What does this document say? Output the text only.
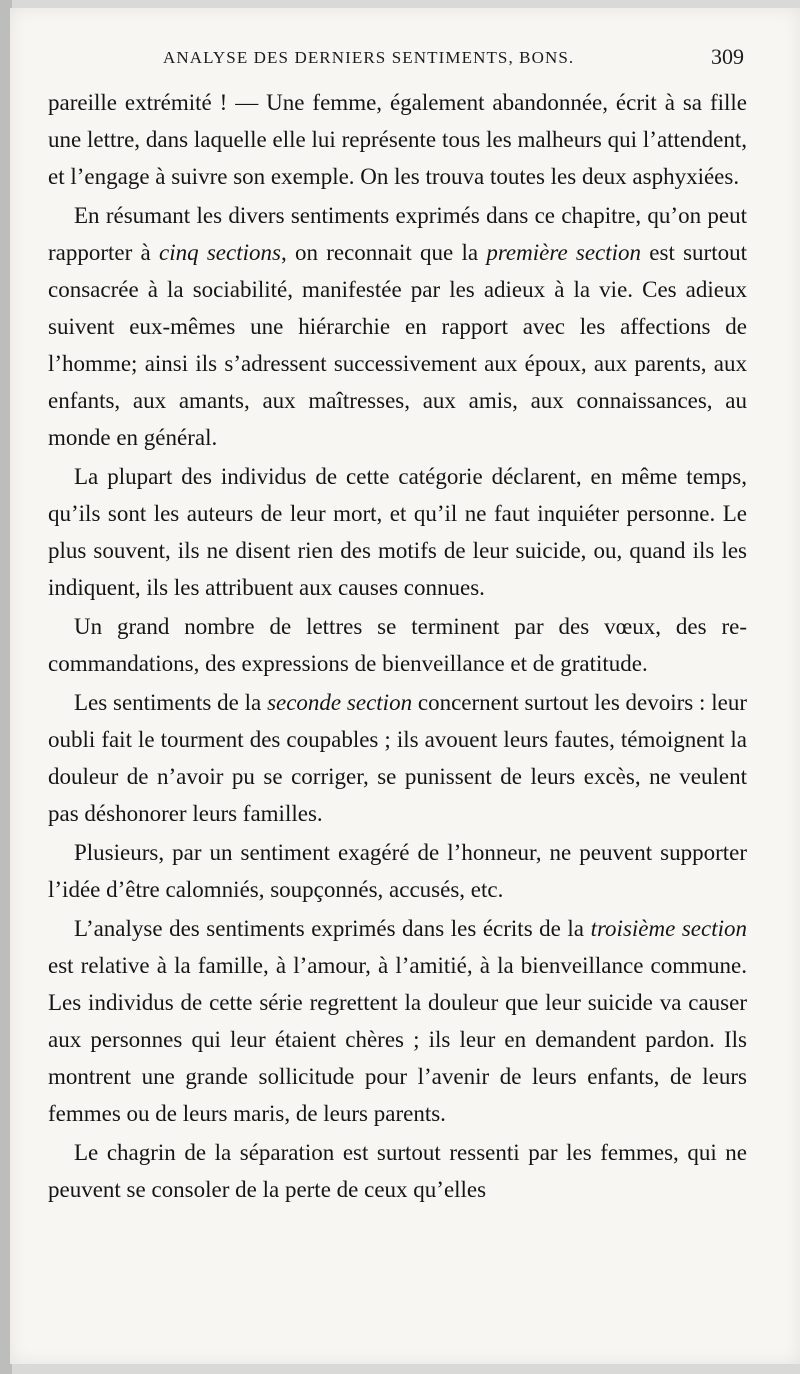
ANALYSE DES DERNIERS SENTIMENTS, BONS.	309

pareille extrémité ! — Une femme, également abandonnée, écrit à sa fille une lettre, dans laquelle elle lui représente tous les malheurs qui l’attendent, et l’engage à suivre son exemple. On les trouva toutes les deux asphyxiées.

En résumant les divers sentiments exprimés dans ce chapitre, qu’on peut rapporter à cinq sections, on reconnait que la première section est surtout consacrée à la sociabilité, manifestée par les adieux à la vie. Ces adieux suivent eux-mêmes une hiérarchie en rapport avec les affections de l’homme; ainsi ils s’adressent successivement aux époux, aux parents, aux enfants, aux amants, aux maîtresses, aux amis, aux connaissances, au monde en général.

La plupart des individus de cette catégorie déclarent, en même temps, qu’ils sont les auteurs de leur mort, et qu’il ne faut inquiéter personne. Le plus souvent, ils ne disent rien des motifs de leur suicide, ou, quand ils les indiquent, ils les attribuent aux causes connues.

Un grand nombre de lettres se terminent par des vœux, des recommandations, des expressions de bienveillance et de gratitude.

Les sentiments de la seconde section concernent surtout les devoirs : leur oubli fait le tourment des coupables ; ils avouent leurs fautes, témoignent la douleur de n’avoir pu se corriger, se punissent de leurs excès, ne veulent pas déshonorer leurs familles.

Plusieurs, par un sentiment exagéré de l’honneur, ne peuvent supporter l’idée d’être calomniés, soupçonnés, accusés, etc.

L’analyse des sentiments exprimés dans les écrits de la troisième section est relative à la famille, à l’amour, à l’amitié, à la bienveillance commune. Les individus de cette série regrettent la douleur que leur suicide va causer aux personnes qui leur étaient chères ; ils leur en demandent pardon. Ils montrent une grande sollicitude pour l’avenir de leurs enfants, de leurs femmes ou de leurs maris, de leurs parents.

Le chagrin de la séparation est surtout ressenti par les femmes, qui ne peuvent se consoler de la perte de ceux qu’elles
